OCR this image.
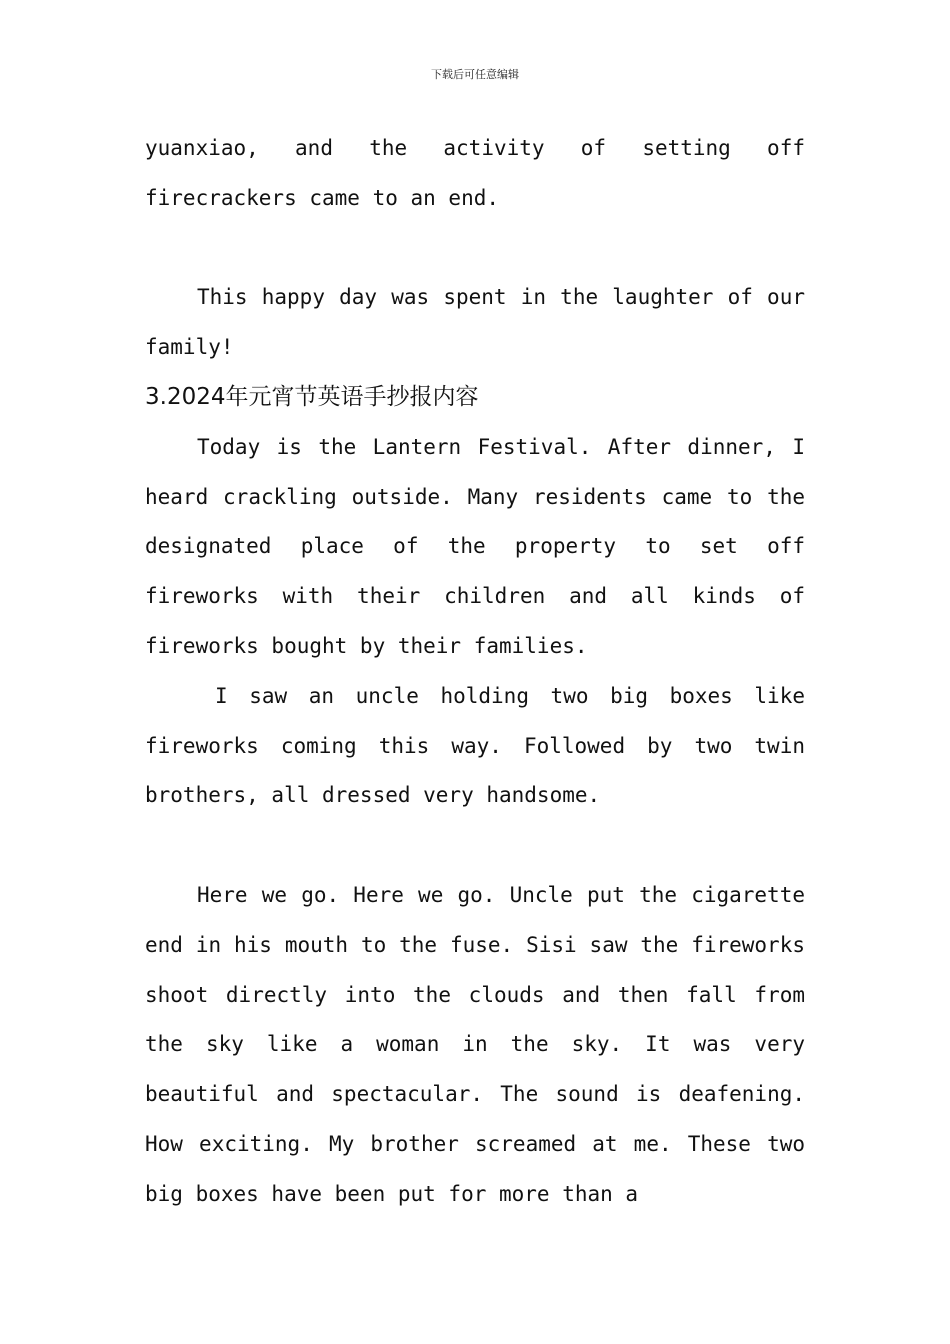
下载后可任意编辑

yuanxiao, and the activity of setting off firecrackers came to an end.

This happy day was spent in the laughter of our family!

3.2024年元宵节英语手抄报内容

Today is the Lantern Festival. After dinner, I heard crackling outside. Many residents came to the designated place of the property to set off fireworks with their children and all kinds of fireworks bought by their families.

I saw an uncle holding two big boxes like fireworks coming this way. Followed by two twin brothers, all dressed very handsome.

Here we go. Here we go. Uncle put the cigarette end in his mouth to the fuse. Sisi saw the fireworks shoot directly into the clouds and then fall from the sky like a woman in the sky. It was very beautiful and spectacular. The sound is deafening. How exciting. My brother screamed at me. These two big boxes have been put for more than a
